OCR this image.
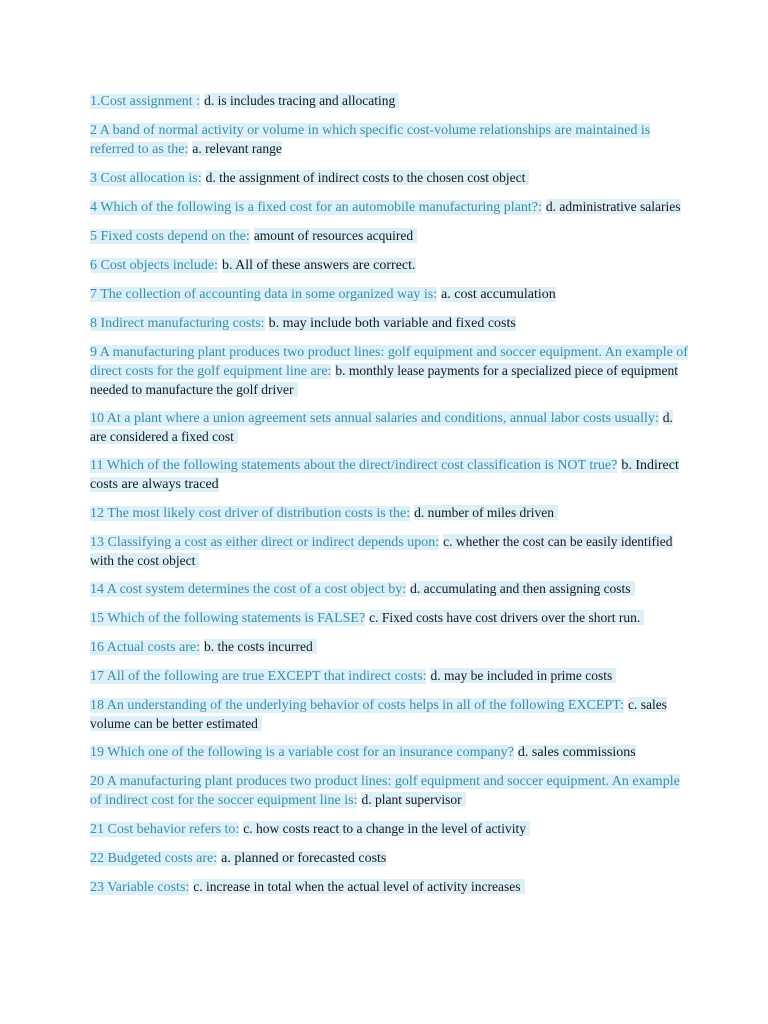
1.Cost assignment : d. is includes tracing and allocating

2 A band of normal activity or volume in which specific cost-volume relationships are maintained is referred to as the: a. relevant range

3 Cost allocation is: d. the assignment of indirect costs to the chosen cost object

4 Which of the following is a fixed cost for an automobile manufacturing plant?: d. administrative salaries

5 Fixed costs depend on the: amount of resources acquired

6 Cost objects include: b. All of these answers are correct.

7 The collection of accounting data in some organized way is: a. cost accumulation

8 Indirect manufacturing costs: b. may include both variable and fixed costs

9 A manufacturing plant produces two product lines: golf equipment and soccer equipment. An example of direct costs for the golf equipment line are: b. monthly lease payments for a specialized piece of equipment needed to manufacture the golf driver

10 At a plant where a union agreement sets annual salaries and conditions, annual labor costs usually: d. are considered a fixed cost

11 Which of the following statements about the direct/indirect cost classification is NOT true? b. Indirect costs are always traced

12 The most likely cost driver of distribution costs is the: d. number of miles driven

13 Classifying a cost as either direct or indirect depends upon: c. whether the cost can be easily identified with the cost object

14 A cost system determines the cost of a cost object by: d. accumulating and then assigning costs

15 Which of the following statements is FALSE? c. Fixed costs have cost drivers over the short run.

16 Actual costs are: b. the costs incurred

17 All of the following are true EXCEPT that indirect costs: d. may be included in prime costs

18 An understanding of the underlying behavior of costs helps in all of the following EXCEPT: c. sales volume can be better estimated

19 Which one of the following is a variable cost for an insurance company? d. sales commissions

20 A manufacturing plant produces two product lines: golf equipment and soccer equipment. An example of indirect cost for the soccer equipment line is: d. plant supervisor

21 Cost behavior refers to: c. how costs react to a change in the level of activity

22 Budgeted costs are: a. planned or forecasted costs

23 Variable costs: c. increase in total when the actual level of activity increases
